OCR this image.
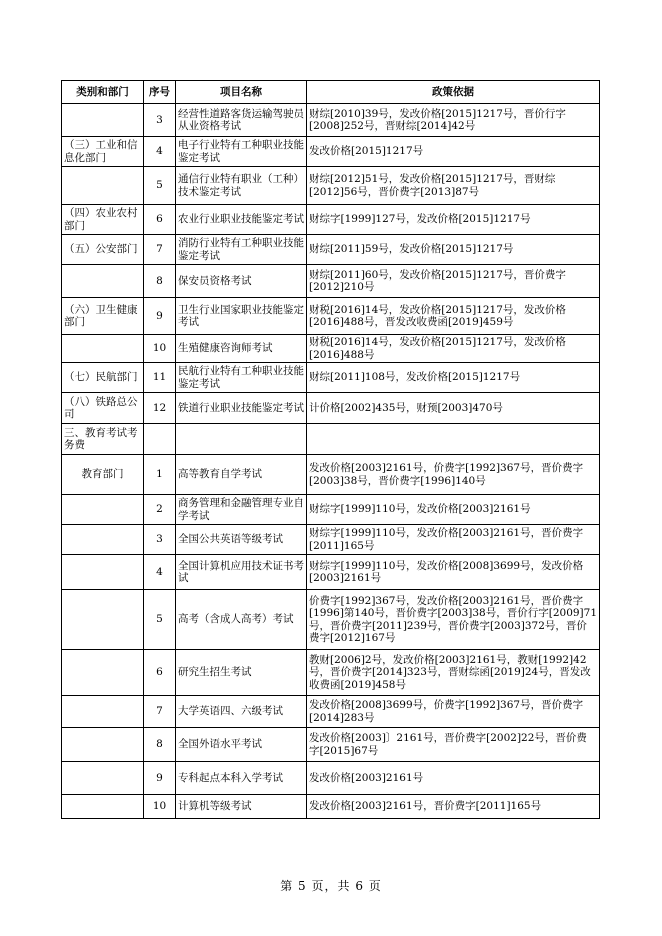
类别和部门	序号	项目名称	政策依据
	3	经营性道路客货运输驾驶员从业资格考试	财综[2010]39号，发改价格[2015]1217号，晋价行字[2008]252号，晋财综[2014]42号
（三）工业和信息化部门	4	电子行业特有工种职业技能鉴定考试	发改价格[2015]1217号
	5	通信行业特有职业（工种）技术鉴定考试	财综[2012]51号，发改价格[2015]1217号，晋财综[2012]56号，晋价费字[2013]87号
（四）农业农村部门	6	农业行业职业技能鉴定考试	财综字[1999]127号，发改价格[2015]1217号
（五）公安部门	7	消防行业特有工种职业技能鉴定考试	财综[2011]59号，发改价格[2015]1217号
	8	保安员资格考试	财综[2011]60号，发改价格[2015]1217号，晋价费字[2012]210号
（六）卫生健康部门	9	卫生行业国家职业技能鉴定考试	财税[2016]14号，发改价格[2015]1217号，发改价格[2016]488号，晋发改收费函[2019]459号
	10	生殖健康咨询师考试	财税[2016]14号，发改价格[2015]1217号，发改价格[2016]488号
（七）民航部门	11	民航行业特有工种职业技能鉴定考试	财综[2011]108号，发改价格[2015]1217号
（八）铁路总公司	12	铁道行业职业技能鉴定考试	计价格[2002]435号，财预[2003]470号
三、教育考试考务费			
教育部门	1	高等教育自学考试	发改价格[2003]2161号，价费字[1992]367号，晋价费字[2003]38号，晋价费字[1996]140号
	2	商务管理和金融管理专业自学考试	财综字[1999]110号，发改价格[2003]2161号
	3	全国公共英语等级考试	财综字[1999]110号，发改价格[2003]2161号，晋价费字[2011]165号
	4	全国计算机应用技术证书考试	财综字[1999]110号，发改价格[2008]3699号，发改价格[2003]2161号
	5	高考（含成人高考）考试	价费字[1992]367号，发改价格[2003]2161号，晋价费字[1996]第140号，晋价费字[2003]38号，晋价行字[2009]71号，晋价费字[2011]239号，晋价费字[2003]372号，晋价费字[2012]167号
	6	研究生招生考试	教财[2006]2号，发改价格[2003]2161号，教财[1992]42号，晋价费字[2014]323号，晋财综函[2019]24号，晋发改收费函[2019]458号
	7	大学英语四、六级考试	发改价格[2008]3699号，价费字[1992]367号，晋价费字[2014]283号
	8	全国外语水平考试	发改价格[2003]〕2161号，晋价费字[2002]22号，晋价费字[2015]67号
	9	专科起点本科入学考试	发改价格[2003]2161号
	10	计算机等级考试	发改价格[2003]2161号，晋价费字[2011]165号
第 5 页，共 6 页
